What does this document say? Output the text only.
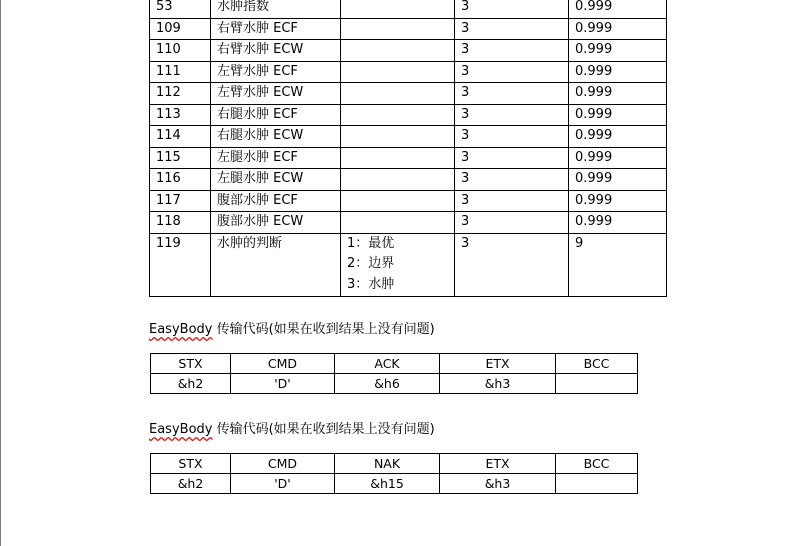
53	水肿指数		3	0.999
109	右臂水肿 ECF		3	0.999
110	右臂水肿 ECW		3	0.999
111	左臂水肿 ECF		3	0.999
112	左臂水肿 ECW		3	0.999
113	右腿水肿 ECF		3	0.999
114	右腿水肿 ECW		3	0.999
115	左腿水肿 ECF		3	0.999
116	左腿水肿 ECW		3	0.999
117	腹部水肿 ECF		3	0.999
118	腹部水肿 ECW		3	0.999
119	水肿的判断	1：最优
2：边界
3：水肿	3	9
EasyBody 传输代码(如果在收到结果上没有问题)
STX	CMD	ACK	ETX	BCC
&h2	'D'	&h6	&h3	
EasyBody 传输代码(如果在收到结果上没有问题)
STX	CMD	NAK	ETX	BCC
&h2	'D'	&h15	&h3	
